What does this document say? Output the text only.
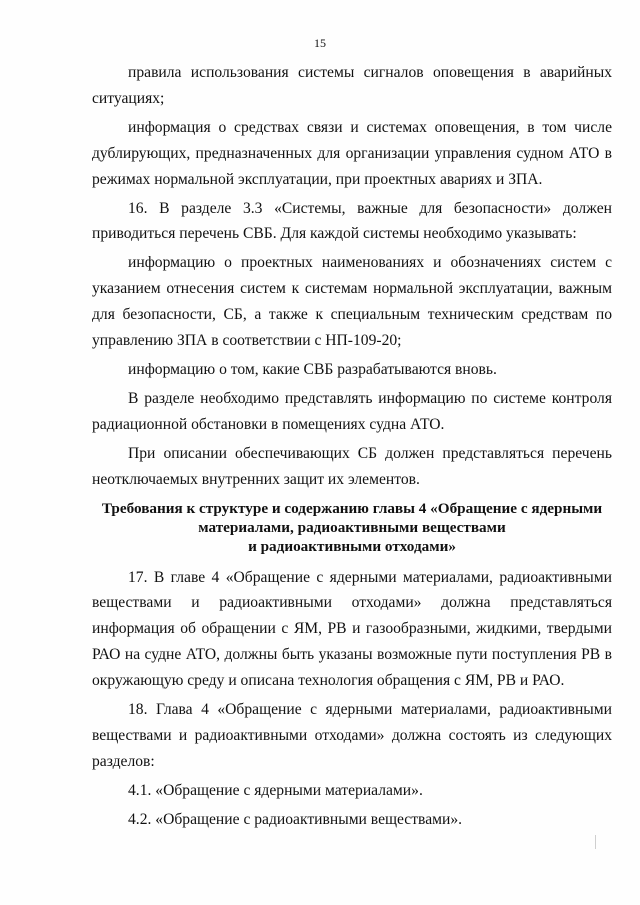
15

правила использования системы сигналов оповещения в аварийных ситуациях;

информация о средствах связи и системах оповещения, в том числе дублирующих, предназначенных для организации управления судном АТО в режимах нормальной эксплуатации, при проектных авариях и ЗПА.

16. В разделе 3.3 «Системы, важные для безопасности» должен приводиться перечень СВБ. Для каждой системы необходимо указывать:

информацию о проектных наименованиях и обозначениях систем с указанием отнесения систем к системам нормальной эксплуатации, важным для безопасности, СБ, а также к специальным техническим средствам по управлению ЗПА в соответствии с НП-109-20;

информацию о том, какие СВБ разрабатываются вновь.

В разделе необходимо представлять информацию по системе контроля радиационной обстановки в помещениях судна АТО.

При описании обеспечивающих СБ должен представляться перечень неотключаемых внутренних защит их элементов.

Требования к структуре и содержанию главы 4 «Обращение с ядерными
материалами, радиоактивными веществами
и радиоактивными отходами»

17. В главе 4 «Обращение с ядерными материалами, радиоактивными веществами и радиоактивными отходами» должна представляться информация об обращении с ЯМ, РВ и газообразными, жидкими, твердыми РАО на судне АТО, должны быть указаны возможные пути поступления РВ в окружающую среду и описана технология обращения с ЯМ, РВ и РАО.

18. Глава 4 «Обращение с ядерными материалами, радиоактивными веществами и радиоактивными отходами» должна состоять из следующих разделов:

4.1. «Обращение с ядерными материалами».

4.2. «Обращение с радиоактивными веществами».
